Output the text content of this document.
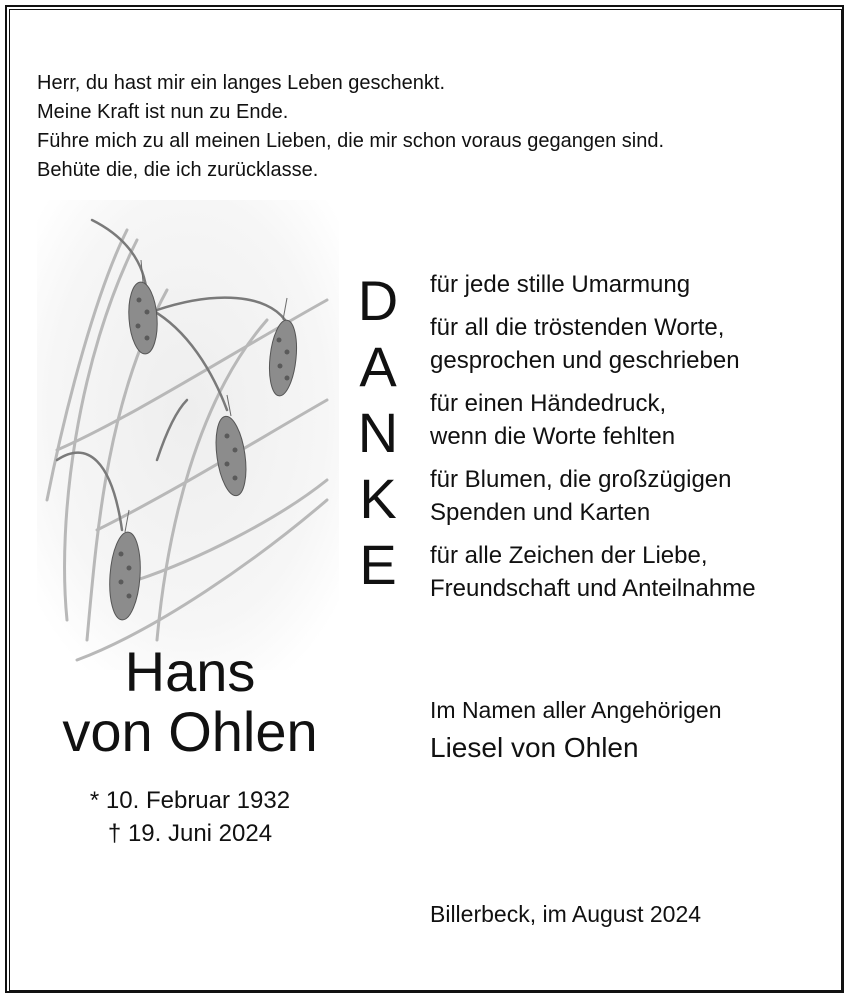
Herr, du hast mir ein langes Leben geschenkt.
Meine Kraft ist nun zu Ende.
Führe mich zu all meinen Lieben, die mir schon voraus gegangen sind.
Behüte die, die ich zurücklasse.
D
A
N
K
E
für jede stille Umarmung
für all die tröstenden Worte,
gesprochen und geschrieben
für einen Händedruck,
wenn die Worte fehlten
für Blumen, die großzügigen
Spenden und Karten
für alle Zeichen der Liebe,
Freundschaft und Anteilnahme
Hans
von Ohlen
* 10. Februar 1932
† 19. Juni 2024
Im Namen aller Angehörigen
Liesel von Ohlen
Billerbeck, im August 2024
